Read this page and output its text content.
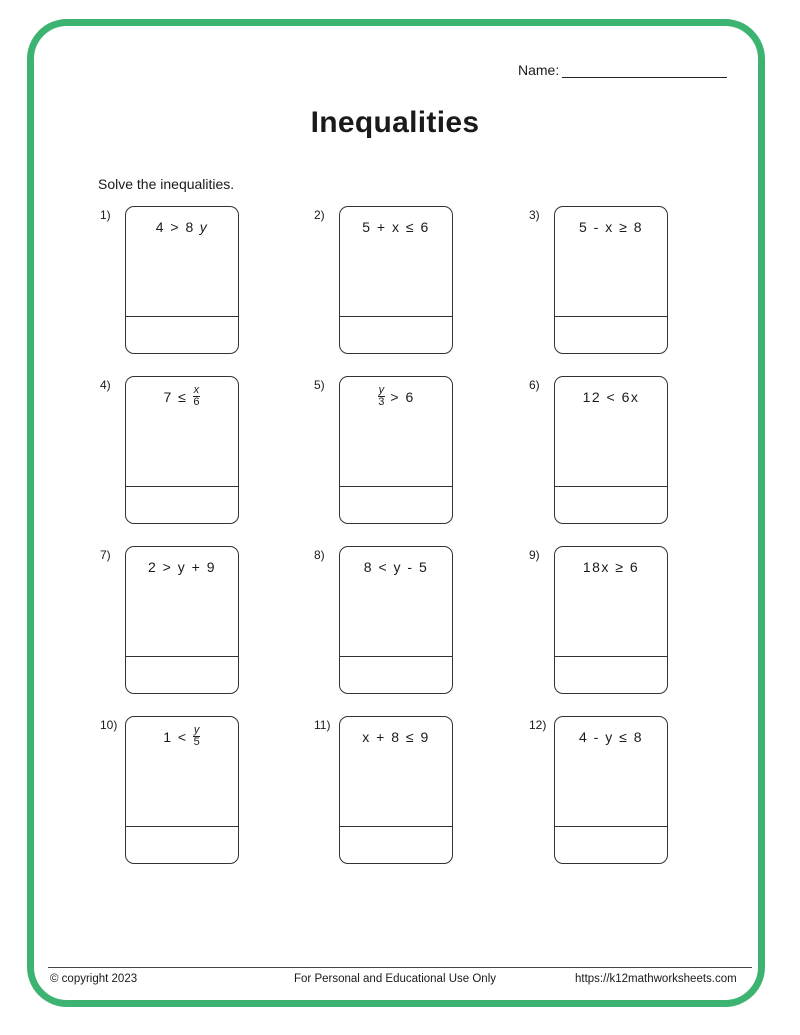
Name:
Inequalities
Solve the inequalities.
1)
4 > 8 y
2)
5 + x ≤ 6
3)
5 - x ≥ 8
4)
$7 \le \frac{x}{6}$	5)	$\frac{y}{3} > 6$
6)
12 < 6x
7)
2 > y + 9
8)
8 < y - 5
9)
18x ≥ 6
10)
$1 < \frac{y}{5}$	11)
x + 8 ≤ 9
12)
4 - y ≤ 8
© copyright 2023	For Personal and Educational Use Only	https://k12mathworksheets.com
